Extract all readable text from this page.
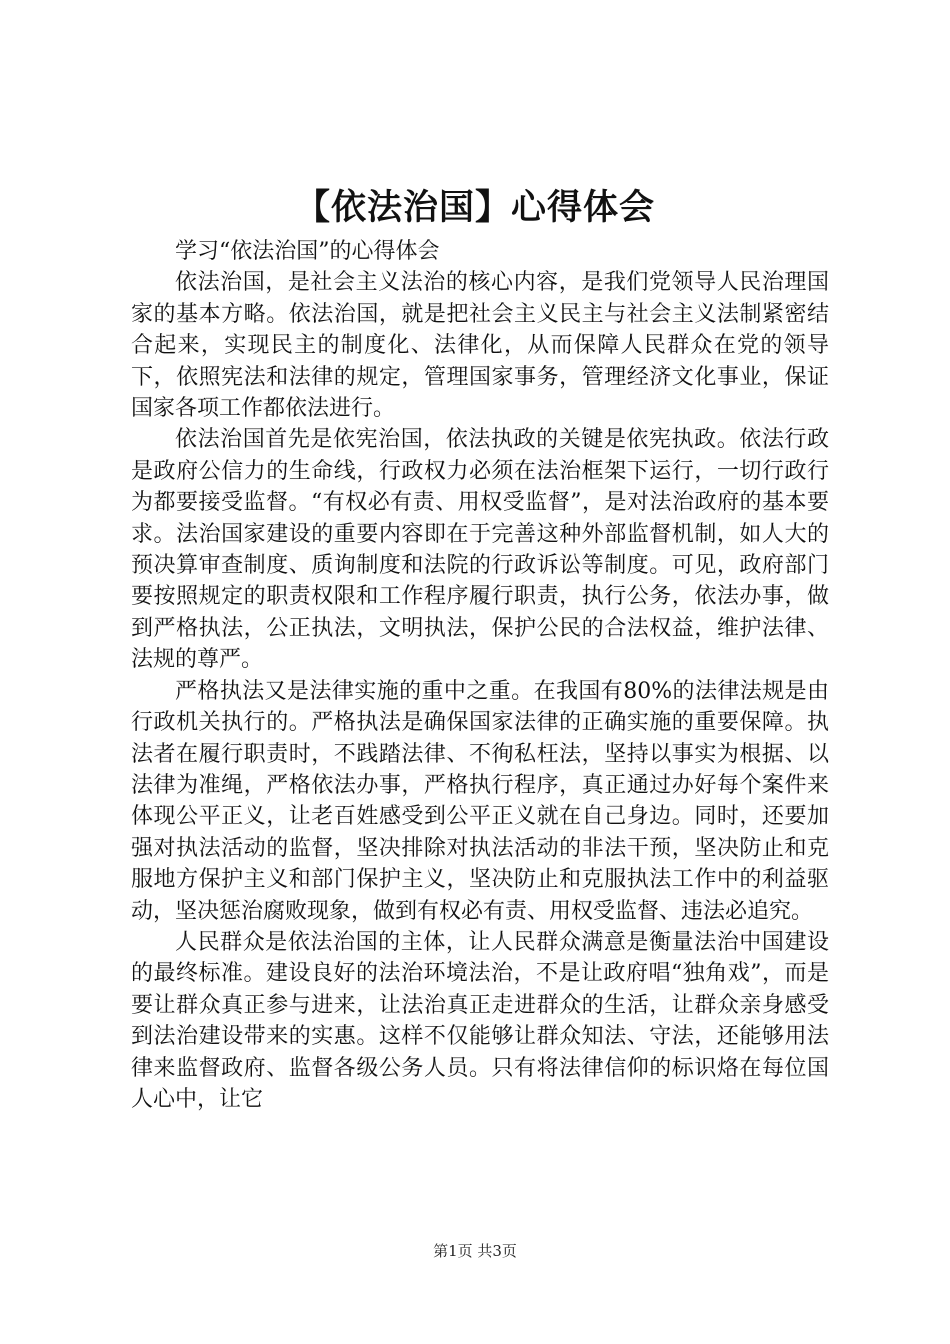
【依法治国】心得体会

学习“依法治国”的心得体会

依法治国，是社会主义法治的核心内容，是我们党领导人民治理国家的基本方略。依法治国，就是把社会主义民主与社会主义法制紧密结合起来，实现民主的制度化、法律化，从而保障人民群众在党的领导下，依照宪法和法律的规定，管理国家事务，管理经济文化事业，保证国家各项工作都依法进行。

依法治国首先是依宪治国，依法执政的关键是依宪执政。依法行政是政府公信力的生命线，行政权力必须在法治框架下运行，一切行政行为都要接受监督。“有权必有责、用权受监督”，是对法治政府的基本要求。法治国家建设的重要内容即在于完善这种外部监督机制，如人大的预决算审查制度、质询制度和法院的行政诉讼等制度。可见，政府部门要按照规定的职责权限和工作程序履行职责，执行公务，依法办事，做到严格执法，公正执法，文明执法，保护公民的合法权益，维护法律、法规的尊严。

严格执法又是法律实施的重中之重。在我国有80%的法律法规是由行政机关执行的。严格执法是确保国家法律的正确实施的重要保障。执法者在履行职责时，不践踏法律、不徇私枉法，坚持以事实为根据、以法律为准绳，严格依法办事，严格执行程序，真正通过办好每个案件来体现公平正义，让老百姓感受到公平正义就在自己身边。同时，还要加强对执法活动的监督，坚决排除对执法活动的非法干预，坚决防止和克服地方保护主义和部门保护主义，坚决防止和克服执法工作中的利益驱动，坚决惩治腐败现象，做到有权必有责、用权受监督、违法必追究。

人民群众是依法治国的主体，让人民群众满意是衡量法治中国建设的最终标准。建设良好的法治环境法治，不是让政府唱“独角戏”，而是要让群众真正参与进来，让法治真正走进群众的生活，让群众亲身感受到法治建设带来的实惠。这样不仅能够让群众知法、守法，还能够用法律来监督政府、监督各级公务人员。只有将法律信仰的标识烙在每位国人心中，让它

第1页 共3页
